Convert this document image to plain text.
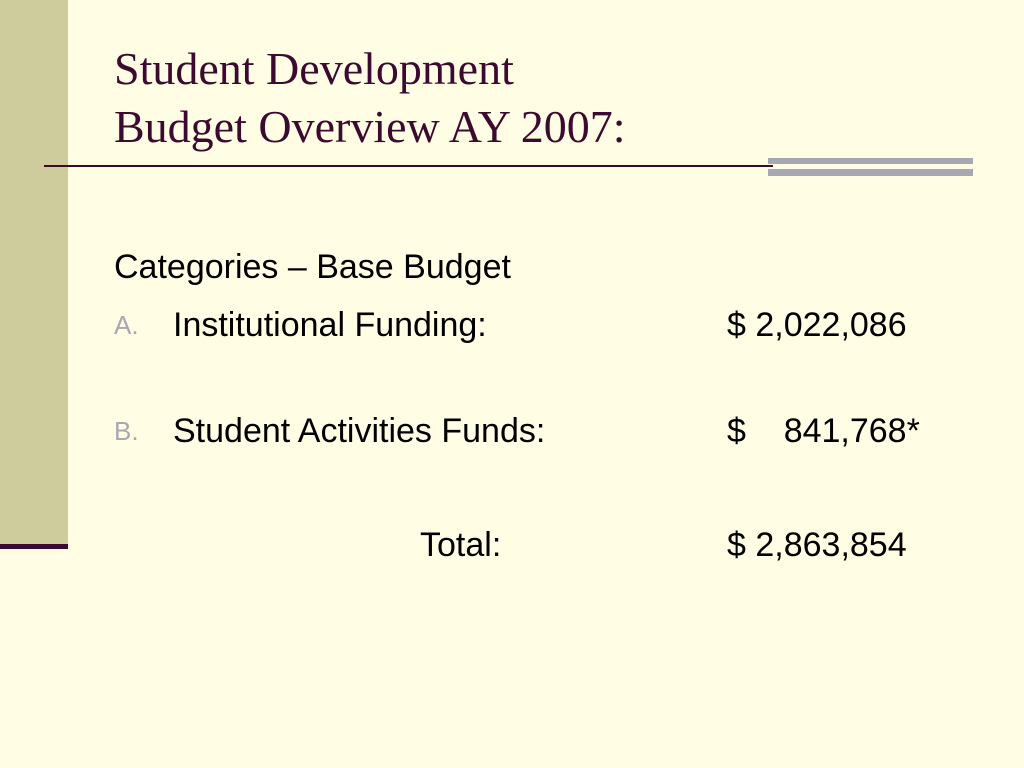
Student Development
Budget Overview AY 2007:
Categories – Base Budget
A. Institutional Funding:	$ 2,022,086
B. Student Activities Funds:	$    841,768*
Total:	$ 2,863,854
